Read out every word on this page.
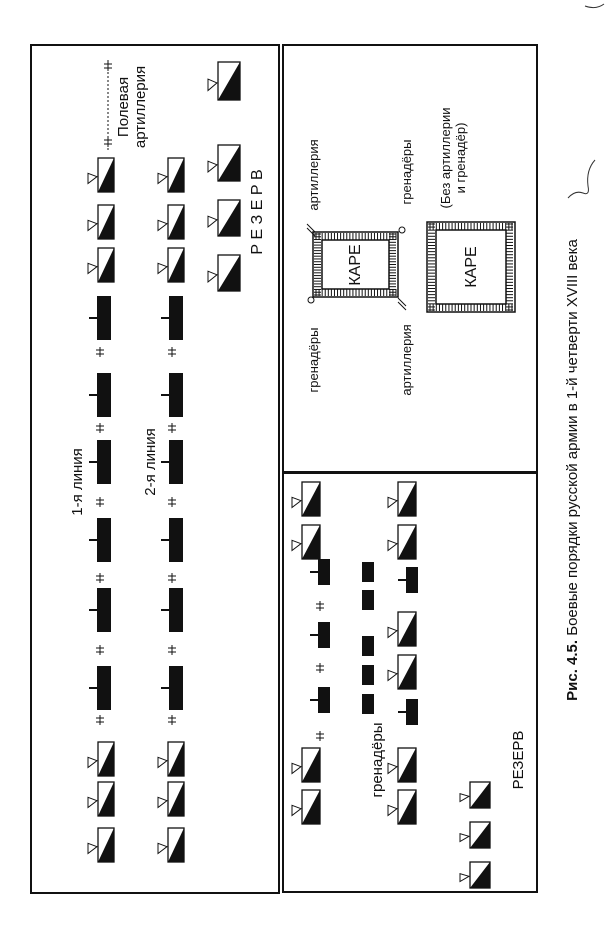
1-я линия	2-я линия
Р Е З Е Р В
Полевая артиллерия
гренадёры	РЕЗЕРВ
КАРЕ
гренадёры
артиллерия
артиллерия
гренадёры
КАРЕ
(Без артиллерии и гренадёр)
Рис. 4.5. Боевые порядки русской армии в 1-й четверти XVIII века
